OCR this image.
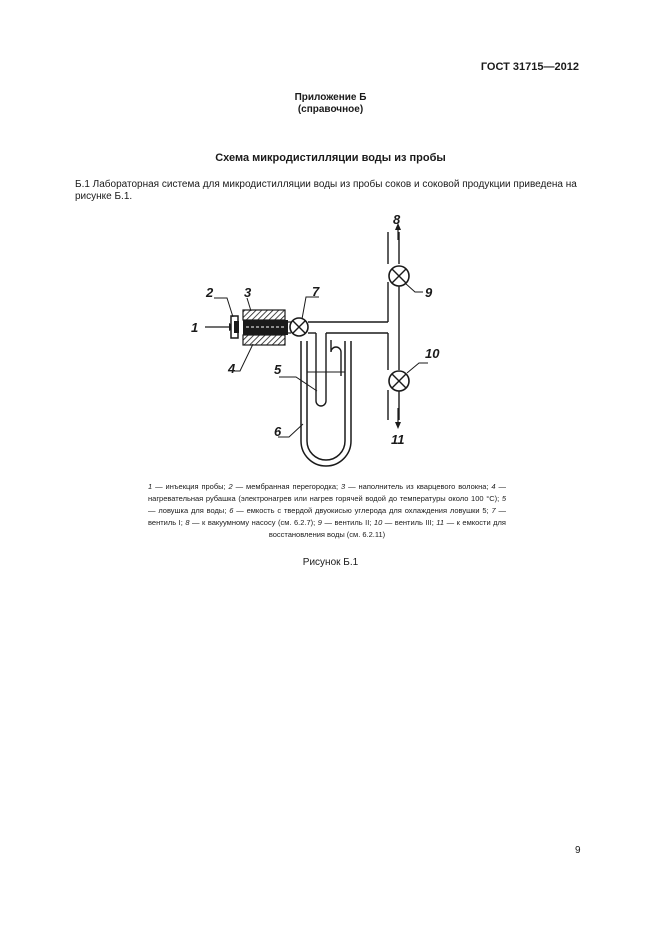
ГОСТ 31715—2012
Приложение Б
(справочное)
Схема микродистилляции воды из пробы
Б.1 Лабораторная система для микродистилляции воды из пробы соков и соковой продукции приведена на
рисунке Б.1.
1
2 3
4	5
6
7
8
9
10
11
1 — инъекция пробы; 2 — мембранная перегородка; 3 — наполнитель из кварцевого волокна; 4 — нагревательная рубашка (электронагрев или нагрев горячей водой до температуры около 100 °С); 5 — ловушка для воды; 6 — емкость с твердой двуокисью углерода для охлаждения ловушки 5; 7 — вентиль I; 8 — к вакуумному насосу (см. 6.2.7); 9 — вентиль II; 10 — вентиль III; 11 — к емкости для восстановления воды (см. 6.2.11)
Рисунок Б.1
9
